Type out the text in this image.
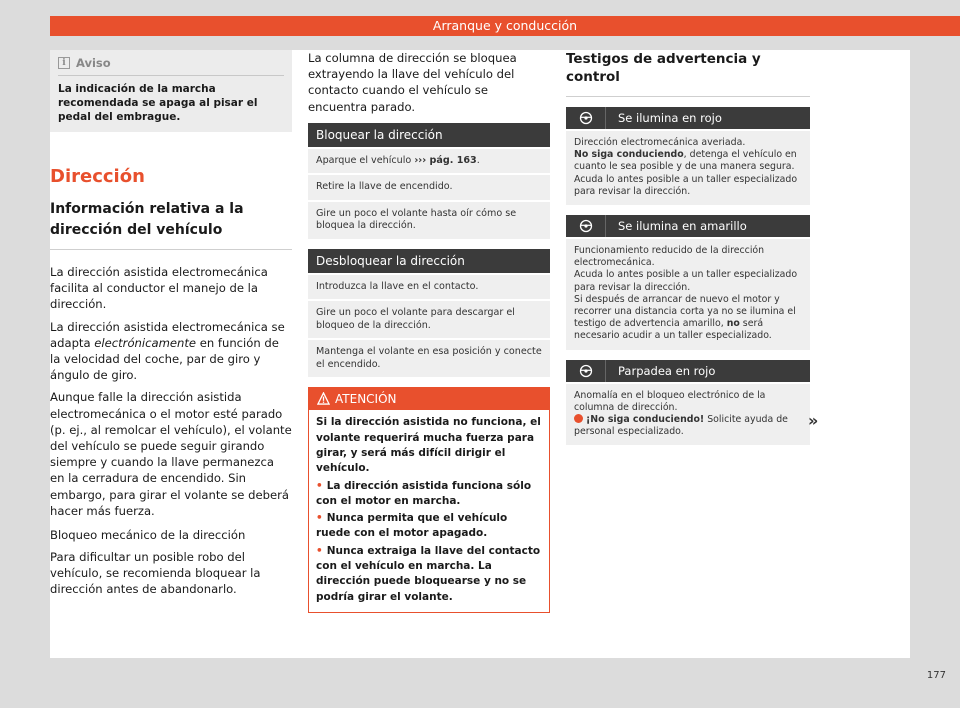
Arranque y conducción
i Aviso
La indicación de la marcha recomendada se apaga al pisar el pedal del embrague.
Dirección
Información relativa a la dirección del vehículo
La dirección asistida electromecánica facilita al conductor el manejo de la dirección.
La dirección asistida electromecánica se adapta electrónicamente en función de la velocidad del coche, par de giro y ángulo de giro.
Aunque falle la dirección asistida electromecánica o el motor esté parado (p. ej., al remolcar el vehículo), el volante del vehículo se puede seguir girando siempre y cuando la llave permanezca en la cerradura de encendido. Sin embargo, para girar el volante se deberá hacer más fuerza.
Bloqueo mecánico de la dirección
Para dificultar un posible robo del vehículo, se recomienda bloquear la dirección antes de abandonarlo.
La columna de dirección se bloquea extrayendo la llave del vehículo del contacto cuando el vehículo se encuentra parado.
Bloquear la dirección
Aparque el vehículo ››› pág. 163.
Retire la llave de encendido.
Gire un poco el volante hasta oír cómo se bloquea la dirección.
Desbloquear la dirección
Introduzca la llave en el contacto.
Gire un poco el volante para descargar el bloqueo de la dirección.
Mantenga el volante en esa posición y conecte el encendido.
ATENCIÓN
Si la dirección asistida no funciona, el volante requerirá mucha fuerza para girar, y será más difícil dirigir el vehículo.
• La dirección asistida funciona sólo con el motor en marcha.
• Nunca permita que el vehículo ruede con el motor apagado.
• Nunca extraiga la llave del contacto con el vehículo en marcha. La dirección puede bloquearse y no se podría girar el volante.
Testigos de advertencia y control
Se ilumina en rojo
Dirección electromecánica averiada.
No siga conduciendo, detenga el vehículo en cuanto le sea posible y de una manera segura.
Acuda lo antes posible a un taller especializado para revisar la dirección.
Se ilumina en amarillo
Funcionamiento reducido de la dirección electromecánica.
Acuda lo antes posible a un taller especializado para revisar la dirección.
Si después de arrancar de nuevo el motor y recorrer una distancia corta ya no se ilumina el testigo de advertencia amarillo, no será necesario acudir a un taller especializado.
Parpadea en rojo
Anomalía en el bloqueo electrónico de la columna de dirección.
¡No siga conduciendo! Solicite ayuda de personal especializado.
»
177
